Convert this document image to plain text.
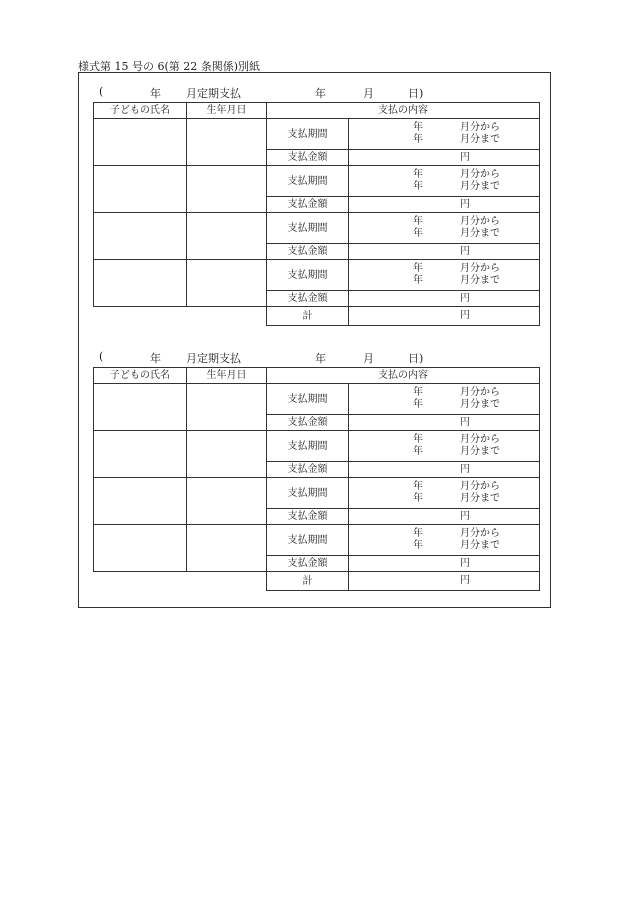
様式第 15 号の 6(第 22 条関係)別紙
(	年 月定期支払	年	月	日)
子どもの氏名	生年月日	支払の内容	
		支払期間	年 月分から
年 月分まで

		支払金額	円

		支払期間	年 月分から
年 月分まで

		支払金額	円

		支払期間	年 月分から
年 月分まで

		支払金額	円

		支払期間	年 月分から
年 月分まで

		支払金額	円

		計	円
(	年 月定期支払	年	月	日)
子どもの氏名	生年月日	支払の内容	
		支払期間	年 月分から
年 月分まで

		支払金額	円

		支払期間	年 月分から
年 月分まで

		支払金額	円

		支払期間	年 月分から
年 月分まで

		支払金額	円

		支払期間	年 月分から
年 月分まで

		支払金額	円

		計	円
